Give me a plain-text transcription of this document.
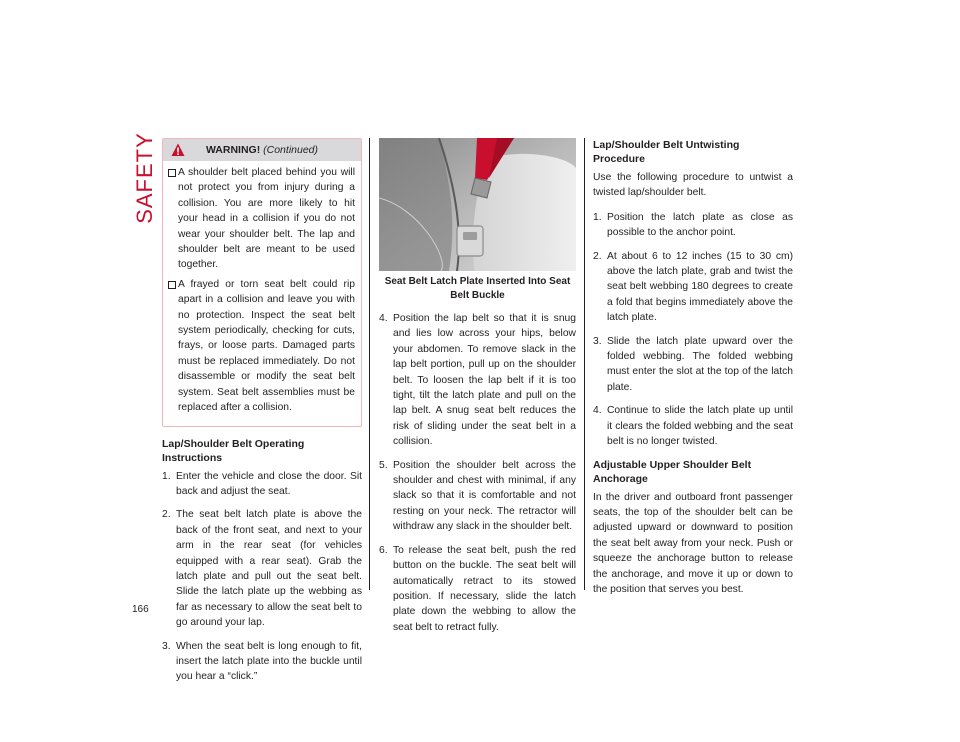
SAFETY
166
WARNING! (Continued)
A shoulder belt placed behind you will not protect you from injury during a collision. You are more likely to hit your head in a collision if you do not wear your shoulder belt. The lap and shoulder belt are meant to be used together.
A frayed or torn seat belt could rip apart in a collision and leave you with no protection. Inspect the seat belt system periodically, checking for cuts, frays, or loose parts. Damaged parts must be replaced immediately. Do not disassemble or modify the seat belt system. Seat belt assemblies must be replaced after a collision.
Lap/Shoulder Belt Operating Instructions
1. Enter the vehicle and close the door. Sit back and adjust the seat.
2. The seat belt latch plate is above the back of the front seat, and next to your arm in the rear seat (for vehicles equipped with a rear seat). Grab the latch plate and pull out the seat belt. Slide the latch plate up the webbing as far as necessary to allow the seat belt to go around your lap.
3. When the seat belt is long enough to fit, insert the latch plate into the buckle until you hear a “click.”
Seat Belt Latch Plate Inserted Into Seat Belt Buckle
4. Position the lap belt so that it is snug and lies low across your hips, below your abdomen. To remove slack in the lap belt portion, pull up on the shoulder belt. To loosen the lap belt if it is too tight, tilt the latch plate and pull on the lap belt. A snug seat belt reduces the risk of sliding under the seat belt in a collision.
5. Position the shoulder belt across the shoulder and chest with minimal, if any slack so that it is comfortable and not resting on your neck. The retractor will withdraw any slack in the shoulder belt.
6. To release the seat belt, push the red button on the buckle. The seat belt will automatically retract to its stowed position. If necessary, slide the latch plate down the webbing to allow the seat belt to retract fully.
Lap/Shoulder Belt Untwisting Procedure

Use the following procedure to untwist a twisted lap/shoulder belt.

1. Position the latch plate as close as possible to the anchor point.
2. At about 6 to 12 inches (15 to 30 cm) above the latch plate, grab and twist the seat belt webbing 180 degrees to create a fold that begins immediately above the latch plate.
3. Slide the latch plate upward over the folded webbing. The folded webbing must enter the slot at the top of the latch plate.
4. Continue to slide the latch plate up until it clears the folded webbing and the seat belt is no longer twisted.
Adjustable Upper Shoulder Belt Anchorage

In the driver and outboard front passenger seats, the top of the shoulder belt can be adjusted upward or downward to position the seat belt away from your neck. Push or squeeze the anchorage button to release the anchorage, and move it up or down to the position that serves you best.
